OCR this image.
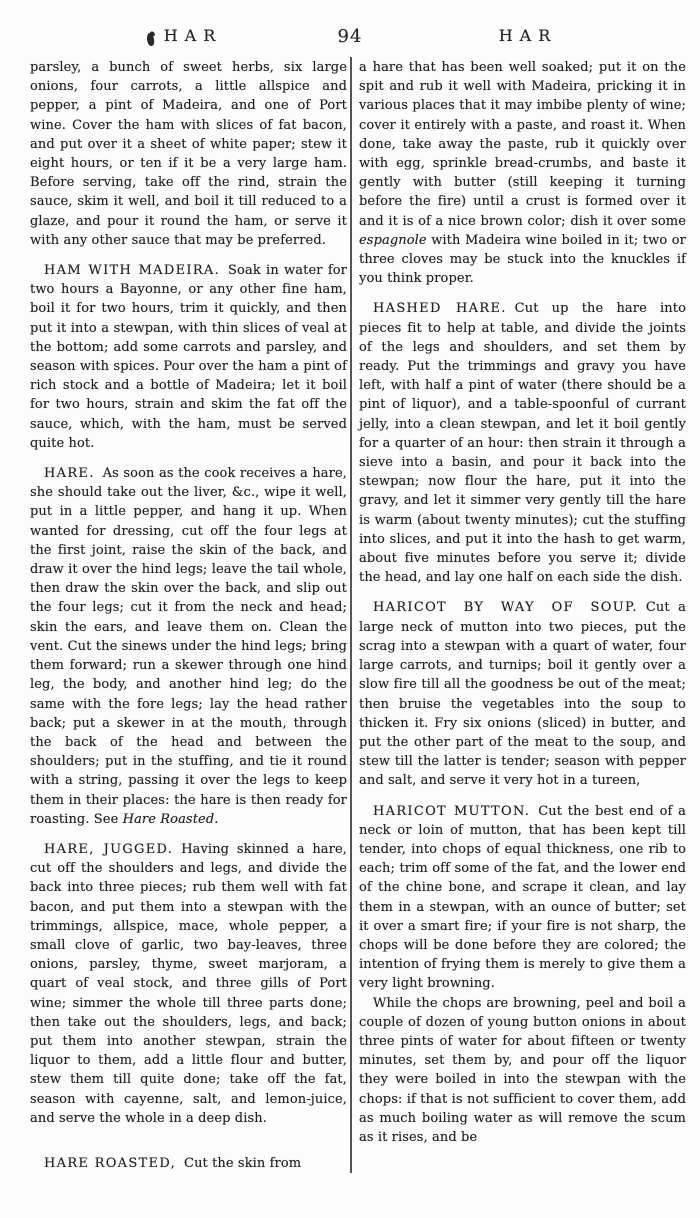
HAR	94	HAR

parsley, a bunch of sweet herbs, six large onions, four carrots, a little allspice and pepper, a pint of Madeira, and one of Port wine. Cover the ham with slices of fat bacon, and put over it a sheet of white paper; stew it eight hours, or ten if it be a very large ham. Before serving, take off the rind, strain the sauce, skim it well, and boil it till reduced to a glaze, and pour it round the ham, or serve it with any other sauce that may be preferred.

HAM WITH MADEIRA. Soak in water for two hours a Bayonne, or any other fine ham, boil it for two hours, trim it quickly, and then put it into a stewpan, with thin slices of veal at the bottom; add some carrots and parsley, and season with spices. Pour over the ham a pint of rich stock and a bottle of Madeira; let it boil for two hours, strain and skim the fat off the sauce, which, with the ham, must be served quite hot.

HARE. As soon as the cook receives a hare, she should take out the liver, &c., wipe it well, put in a little pepper, and hang it up. When wanted for dressing, cut off the four legs at the first joint, raise the skin of the back, and draw it over the hind legs; leave the tail whole, then draw the skin over the back, and slip out the four legs; cut it from the neck and head; skin the ears, and leave them on. Clean the vent. Cut the sinews under the hind legs; bring them forward; run a skewer through one hind leg, the body, and another hind leg; do the same with the fore legs; lay the head rather back; put a skewer in at the mouth, through the back of the head and between the shoulders; put in the stuffing, and tie it round with a string, passing it over the legs to keep them in their places: the hare is then ready for roasting. See Hare Roasted.

HARE, JUGGED. Having skinned a hare, cut off the shoulders and legs, and divide the back into three pieces; rub them well with fat bacon, and put them into a stewpan with the trimmings, allspice, mace, whole pepper, a small clove of garlic, two bay-leaves, three onions, parsley, thyme, sweet marjoram, a quart of veal stock, and three gills of Port wine; simmer the whole till three parts done; then take out the shoulders, legs, and back; put them into another stewpan, strain the liquor to them, add a little flour and butter, stew them till quite done; take off the fat, season with cayenne, salt, and lemon-juice, and serve the whole in a deep dish.

HARE ROASTED, Cut the skin from

a hare that has been well soaked; put it on the spit and rub it well with Madeira, pricking it in various places that it may imbibe plenty of wine; cover it entirely with a paste, and roast it. When done, take away the paste, rub it quickly over with egg, sprinkle bread-crumbs, and baste it gently with butter (still keeping it turning before the fire) until a crust is formed over it and it is of a nice brown color; dish it over some espagnole with Madeira wine boiled in it; two or three cloves may be stuck into the knuckles if you think proper.

HASHED HARE. Cut up the hare into pieces fit to help at table, and divide the joints of the legs and shoulders, and set them by ready. Put the trimmings and gravy you have left, with half a pint of water (there should be a pint of liquor), and a table-spoonful of currant jelly, into a clean stewpan, and let it boil gently for a quarter of an hour: then strain it through a sieve into a basin, and pour it back into the stewpan; now flour the hare, put it into the gravy, and let it simmer very gently till the hare is warm (about twenty minutes); cut the stuffing into slices, and put it into the hash to get warm, about five minutes before you serve it; divide the head, and lay one half on each side the dish.

HARICOT BY WAY OF SOUP. Cut a large neck of mutton into two pieces, put the scrag into a stewpan with a quart of water, four large carrots, and turnips; boil it gently over a slow fire till all the goodness be out of the meat; then bruise the vegetables into the soup to thicken it. Fry six onions (sliced) in butter, and put the other part of the meat to the soup, and stew till the latter is tender; season with pepper and salt, and serve it very hot in a tureen,

HARICOT MUTTON. Cut the best end of a neck or loin of mutton, that has been kept till tender, into chops of equal thickness, one rib to each; trim off some of the fat, and the lower end of the chine bone, and scrape it clean, and lay them in a stewpan, with an ounce of butter; set it over a smart fire; if your fire is not sharp, the chops will be done before they are colored; the intention of frying them is merely to give them a very light browning.

While the chops are browning, peel and boil a couple of dozen of young button onions in about three pints of water for about fifteen or twenty minutes, set them by, and pour off the liquor they were boiled in into the stewpan with the chops: if that is not sufficient to cover them, add as much boiling water as will remove the scum as it rises, and be
